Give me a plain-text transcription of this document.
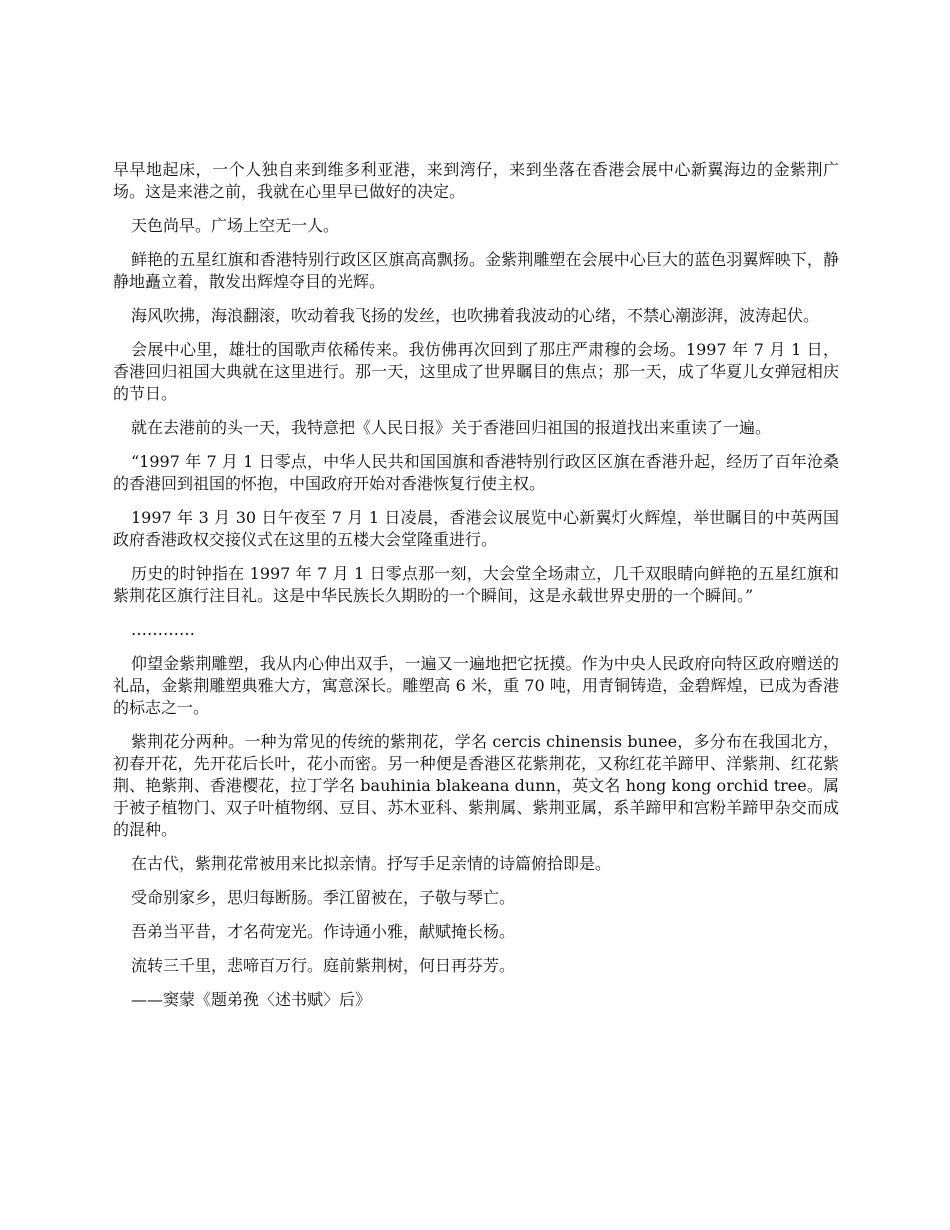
早早地起床，一个人独自来到维多利亚港，来到湾仔，来到坐落在香港会展中心新翼海边的金紫荆广场。这是来港之前，我就在心里早已做好的决定。

天色尚早。广场上空无一人。

鲜艳的五星红旗和香港特别行政区区旗高高飘扬。金紫荆雕塑在会展中心巨大的蓝色羽翼辉映下，静静地矗立着，散发出辉煌夺目的光辉。

海风吹拂，海浪翻滚，吹动着我飞扬的发丝，也吹拂着我波动的心绪，不禁心潮澎湃，波涛起伏。

会展中心里，雄壮的国歌声依稀传来。我仿佛再次回到了那庄严肃穆的会场。1997 年 7 月 1 日，香港回归祖国大典就在这里进行。那一天，这里成了世界瞩目的焦点；那一天，成了华夏儿女弹冠相庆的节日。

就在去港前的头一天，我特意把《人民日报》关于香港回归祖国的报道找出来重读了一遍。

“1997 年 7 月 1 日零点，中华人民共和国国旗和香港特别行政区区旗在香港升起，经历了百年沧桑的香港回到祖国的怀抱，中国政府开始对香港恢复行使主权。

1997 年 3 月 30 日午夜至 7 月 1 日凌晨，香港会议展览中心新翼灯火辉煌，举世瞩目的中英两国政府香港政权交接仪式在这里的五楼大会堂隆重进行。

历史的时钟指在 1997 年 7 月 1 日零点那一刻，大会堂全场肃立，几千双眼睛向鲜艳的五星红旗和紫荆花区旗行注目礼。这是中华民族长久期盼的一个瞬间，这是永载世界史册的一个瞬间。”

…………

仰望金紫荆雕塑，我从内心伸出双手，一遍又一遍地把它抚摸。作为中央人民政府向特区政府赠送的礼品，金紫荆雕塑典雅大方，寓意深长。雕塑高 6 米，重 70 吨，用青铜铸造，金碧辉煌，已成为香港的标志之一。

紫荆花分两种。一种为常见的传统的紫荆花，学名 cercis chinensis bunee，多分布在我国北方，初春开花，先开花后长叶，花小而密。另一种便是香港区花紫荆花，又称红花羊蹄甲、洋紫荆、红花紫荆、艳紫荆、香港樱花，拉丁学名 bauhinia blakeana dunn，英文名 hong kong orchid tree。属于被子植物门、双子叶植物纲、豆目、苏木亚科、紫荆属、紫荆亚属，系羊蹄甲和宫粉羊蹄甲杂交而成的混种。

在古代，紫荆花常被用来比拟亲情。抒写手足亲情的诗篇俯拾即是。

受命别家乡，思归每断肠。季江留被在，子敬与琴亡。

吾弟当平昔，才名荷宠光。作诗通小雅，献赋掩长杨。

流转三千里，悲啼百万行。庭前紫荆树，何日再芬芳。

——窦蒙《题弟㝃〈述书赋〉后》
